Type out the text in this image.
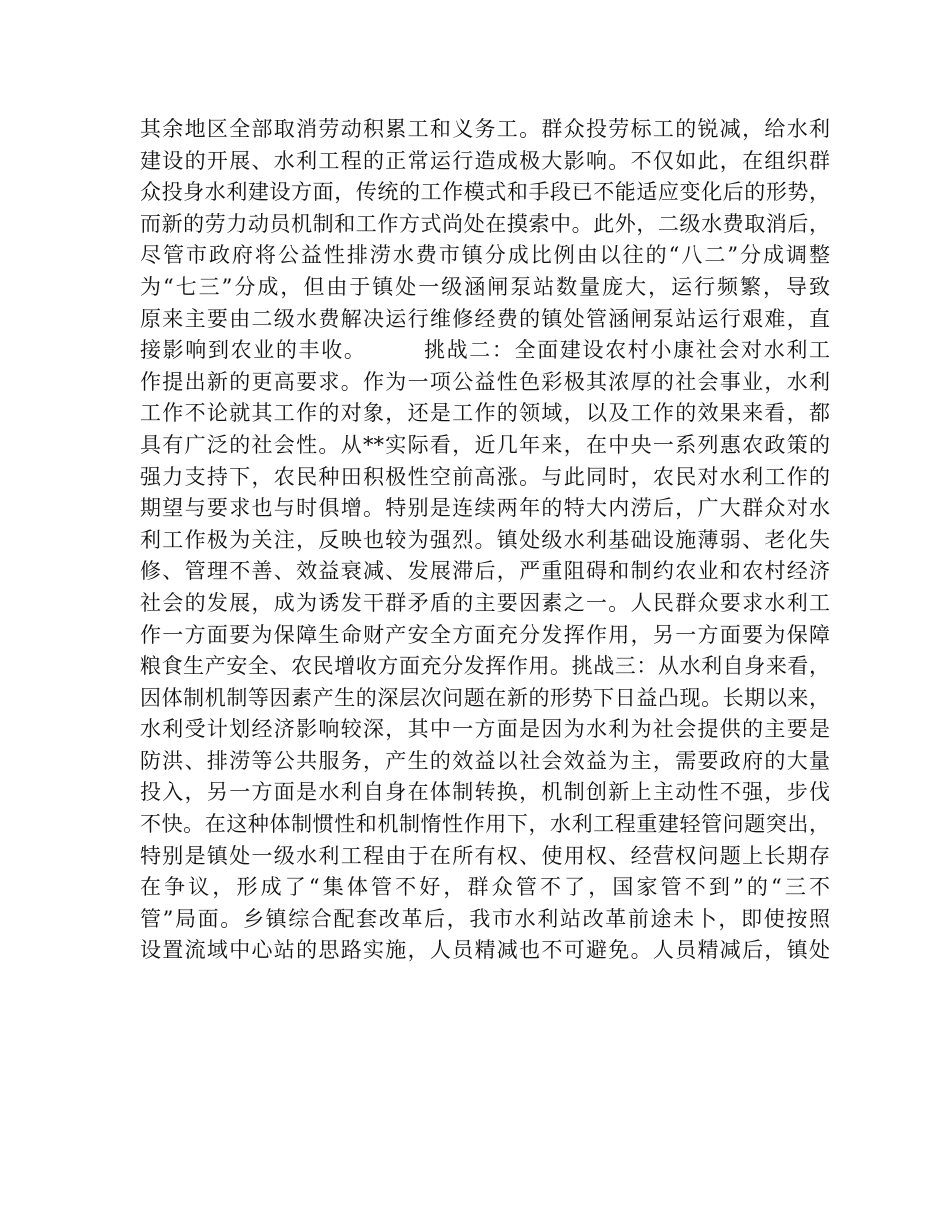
其余地区全部取消劳动积累工和义务工。群众投劳标工的锐减，给水利
建设的开展、水利工程的正常运行造成极大影响。不仅如此，在组织群
众投身水利建设方面，传统的工作模式和手段已不能适应变化后的形势，
而新的劳力动员机制和工作方式尚处在摸索中。此外，二级水费取消后，
尽管市政府将公益性排涝水费市镇分成比例由以往的“八二”分成调整
为“七三”分成，但由于镇处一级涵闸泵站数量庞大，运行频繁，导致
原来主要由二级水费解决运行维修经费的镇处管涵闸泵站运行艰难，直
接影响到农业的丰收。　　　挑战二：全面建设农村小康社会对水利工
作提出新的更高要求。作为一项公益性色彩极其浓厚的社会事业，水利
工作不论就其工作的对象，还是工作的领域，以及工作的效果来看，都
具有广泛的社会性。从**实际看，近几年来，在中央一系列惠农政策的
强力支持下，农民种田积极性空前高涨。与此同时，农民对水利工作的
期望与要求也与时俱增。特别是连续两年的特大内涝后，广大群众对水
利工作极为关注，反映也较为强烈。镇处级水利基础设施薄弱、老化失
修、管理不善、效益衰减、发展滞后，严重阻碍和制约农业和农村经济
社会的发展，成为诱发干群矛盾的主要因素之一。人民群众要求水利工
作一方面要为保障生命财产安全方面充分发挥作用，另一方面要为保障
粮食生产安全、农民增收方面充分发挥作用。挑战三：从水利自身来看，
因体制机制等因素产生的深层次问题在新的形势下日益凸现。长期以来，
水利受计划经济影响较深，其中一方面是因为水利为社会提供的主要是
防洪、排涝等公共服务，产生的效益以社会效益为主，需要政府的大量
投入，另一方面是水利自身在体制转换，机制创新上主动性不强，步伐
不快。在这种体制惯性和机制惰性作用下，水利工程重建轻管问题突出，
特别是镇处一级水利工程由于在所有权、使用权、经营权问题上长期存
在争议，形成了“集体管不好，群众管不了，国家管不到”的“三不
管”局面。乡镇综合配套改革后，我市水利站改革前途未卜，即使按照
设置流域中心站的思路实施，人员精减也不可避免。人员精减后，镇处
